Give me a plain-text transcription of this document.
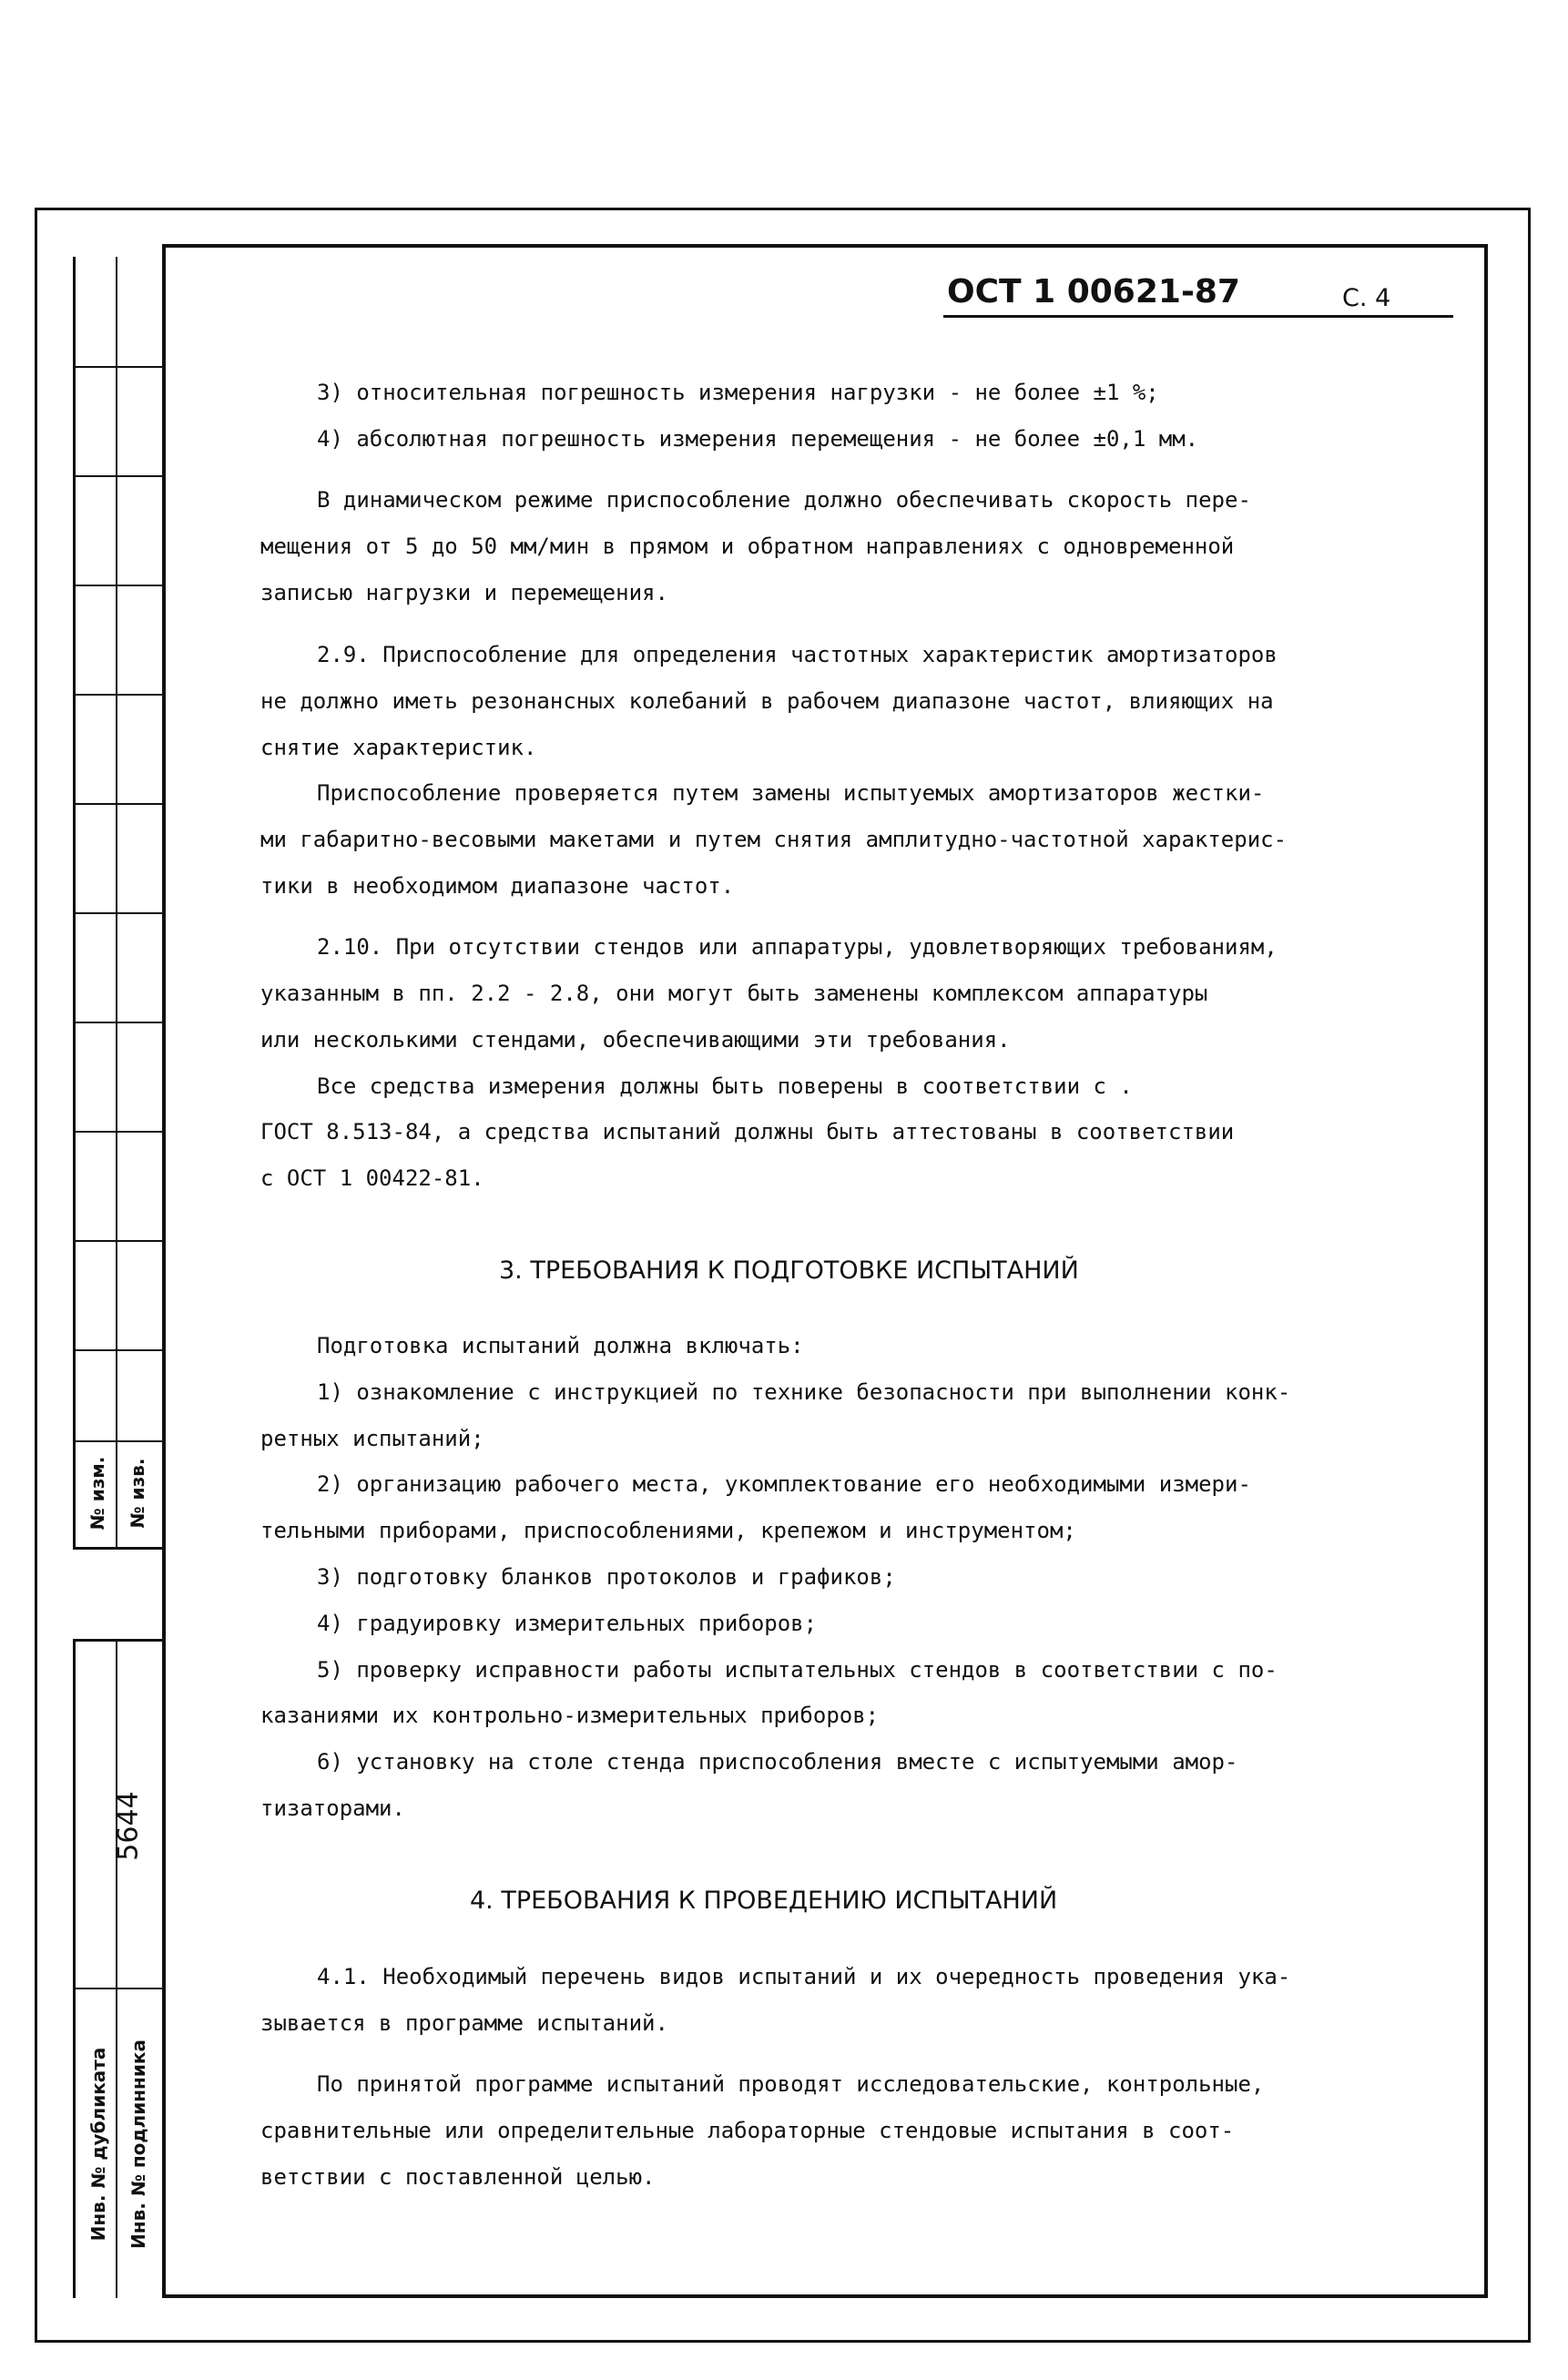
№ изм. № изв.
5644
Инв. № дубликата Инв. № подлинника
ОСТ 1 00621-87	С. 4
3) относительная погрешность измерения нагрузки - не более ±1 %;
4) абсолютная погрешность измерения перемещения - не более ±0,1 мм.
В динамическом режиме приспособление должно обеспечивать скорость пере-
мещения от 5 до 50 мм/мин в прямом и обратном направлениях с одновременной
записью нагрузки и перемещения.
2.9. Приспособление для определения частотных характеристик амортизаторов
не должно иметь резонансных колебаний в рабочем диапазоне частот, влияющих на
снятие характеристик.
Приспособление проверяется путем замены испытуемых амортизаторов жестки-
ми габаритно-весовыми макетами и путем снятия амплитудно-частотной характерис-
тики в необходимом диапазоне частот.
2.10. При отсутствии стендов или аппаратуры, удовлетворяющих требованиям,
указанным в пп. 2.2 - 2.8, они могут быть заменены комплексом аппаратуры
или несколькими стендами, обеспечивающими эти требования.
Все средства измерения должны быть поверены в соответствии с .
ГОСТ 8.513-84, а средства испытаний должны быть аттестованы в соответствии
с ОСТ 1 00422-81.
Подготовка испытаний должна включать:
1) ознакомление с инструкцией по технике безопасности при выполнении конк-
ретных испытаний;
2) организацию рабочего места, укомплектование его необходимыми измери-
тельными приборами, приспособлениями, крепежом и инструментом;
3) подготовку бланков протоколов и графиков;
4) градуировку измерительных приборов;
5) проверку исправности работы испытательных стендов в соответствии с по-
казаниями их контрольно-измерительных приборов;
6) установку на столе стенда приспособления вместе с испытуемыми амор-
тизаторами.
4.1. Необходимый перечень видов испытаний и их очередность проведения ука-
зывается в программе испытаний.
По принятой программе испытаний проводят исследовательские, контрольные,
сравнительные или определительные лабораторные стендовые испытания в соот-
ветствии с поставленной целью.
3. ТРЕБОВАНИЯ К ПОДГОТОВКЕ ИСПЫТАНИЙ
4. ТРЕБОВАНИЯ К ПРОВЕДЕНИЮ ИСПЫТАНИЙ
